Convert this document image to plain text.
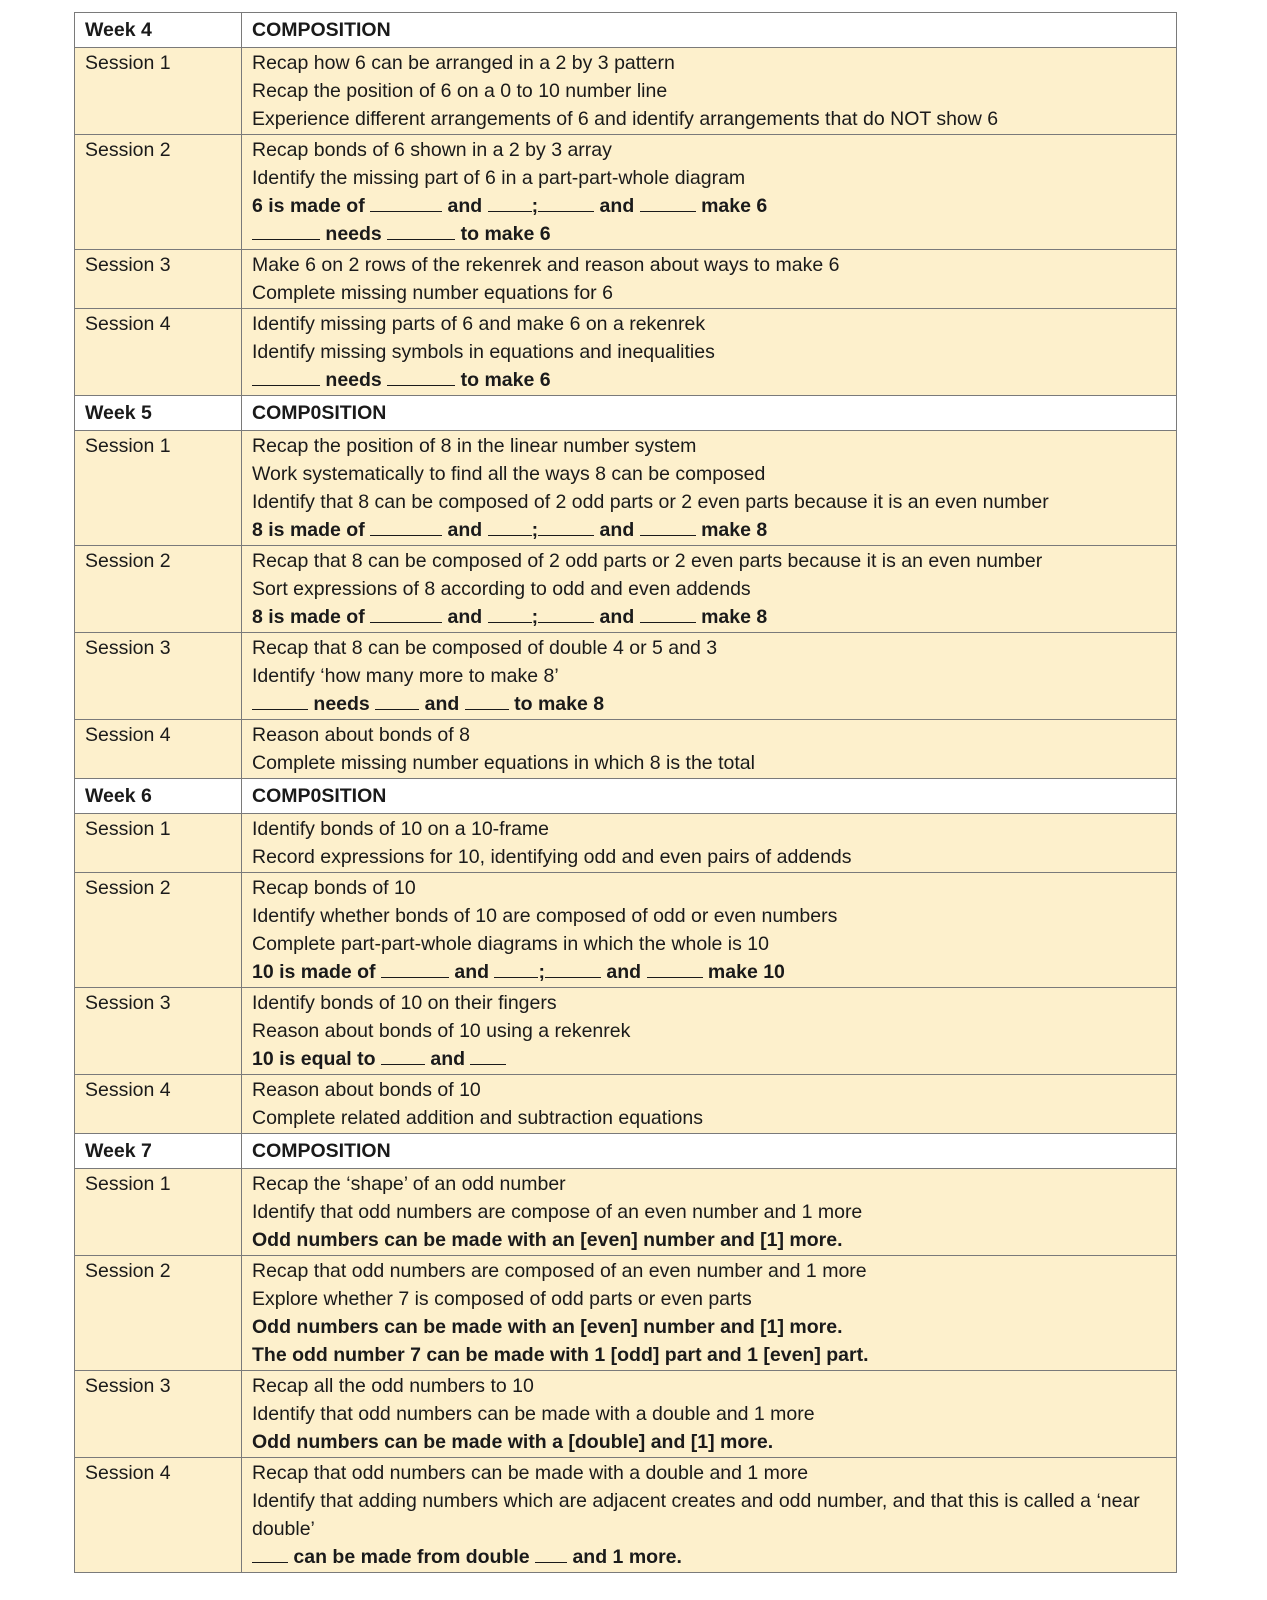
Week 4	COMPOSITION
Session 1	Recap how 6 can be arranged in a 2 by 3 pattern
Recap the position of 6 on a 0 to 10 number line
Experience different arrangements of 6 and identify arrangements that do NOT show 6

Session 2	Recap bonds of 6 shown in a 2 by 3 array
Identify the missing part of 6 in a part-part-whole diagram
6 is made of and ; and make 6
needs to make 6

Session 3	Make 6 on 2 rows of the rekenrek and reason about ways to make 6
Complete missing number equations for 6

Session 4	Identify missing parts of 6 and make 6 on a rekenrek
Identify missing symbols in equations and inequalities
needs to make 6

Week 5	COMP0SITION
Session 1	Recap the position of 8 in the linear number system
Work systematically to find all the ways 8 can be composed
Identify that 8 can be composed of 2 odd parts or 2 even parts because it is an even number
8 is made of and ; and make 8

Session 2	Recap that 8 can be composed of 2 odd parts or 2 even parts because it is an even number
Sort expressions of 8 according to odd and even addends
8 is made of and ; and make 8

Session 3	Recap that 8 can be composed of double 4 or 5 and 3
Identify ‘how many more to make 8’
needs  and  to make 8

Session 4	Reason about bonds of 8
Complete missing number equations in which 8 is the total

Week 6	COMP0SITION
Session 1	Identify bonds of 10 on a 10-frame
Record expressions for 10, identifying odd and even pairs of addends

Session 2	Recap bonds of 10
Identify whether bonds of 10 are composed of odd or even numbers
Complete part-part-whole diagrams in which the whole is 10
10 is made of and ; and make 10

Session 3	Identify bonds of 10 on their fingers
Reason about bonds of 10 using a rekenrek
10 is equal to  and

Session 4	Reason about bonds of 10
Complete related addition and subtraction equations

Week 7	COMPOSITION
Session 1	Recap the ‘shape’ of an odd number
Identify that odd numbers are compose of an even number and 1 more
Odd numbers can be made with an [even] number and [1] more.

Session 2	Recap that odd numbers are composed of an even number and 1 more
Explore whether 7 is composed of odd parts or even parts
Odd numbers can be made with an [even] number and [1] more.
The odd number 7 can be made with 1 [odd] part and 1 [even] part.

Session 3	Recap all the odd numbers to 10
Identify that odd numbers can be made with a double and 1 more
Odd numbers can be made with a [double] and [1] more.

Session 4	Recap that odd numbers can be made with a double and 1 more
Identify that adding numbers which are adjacent creates and odd number, and that this is called a ‘near double’
can be made from double  and 1 more.
